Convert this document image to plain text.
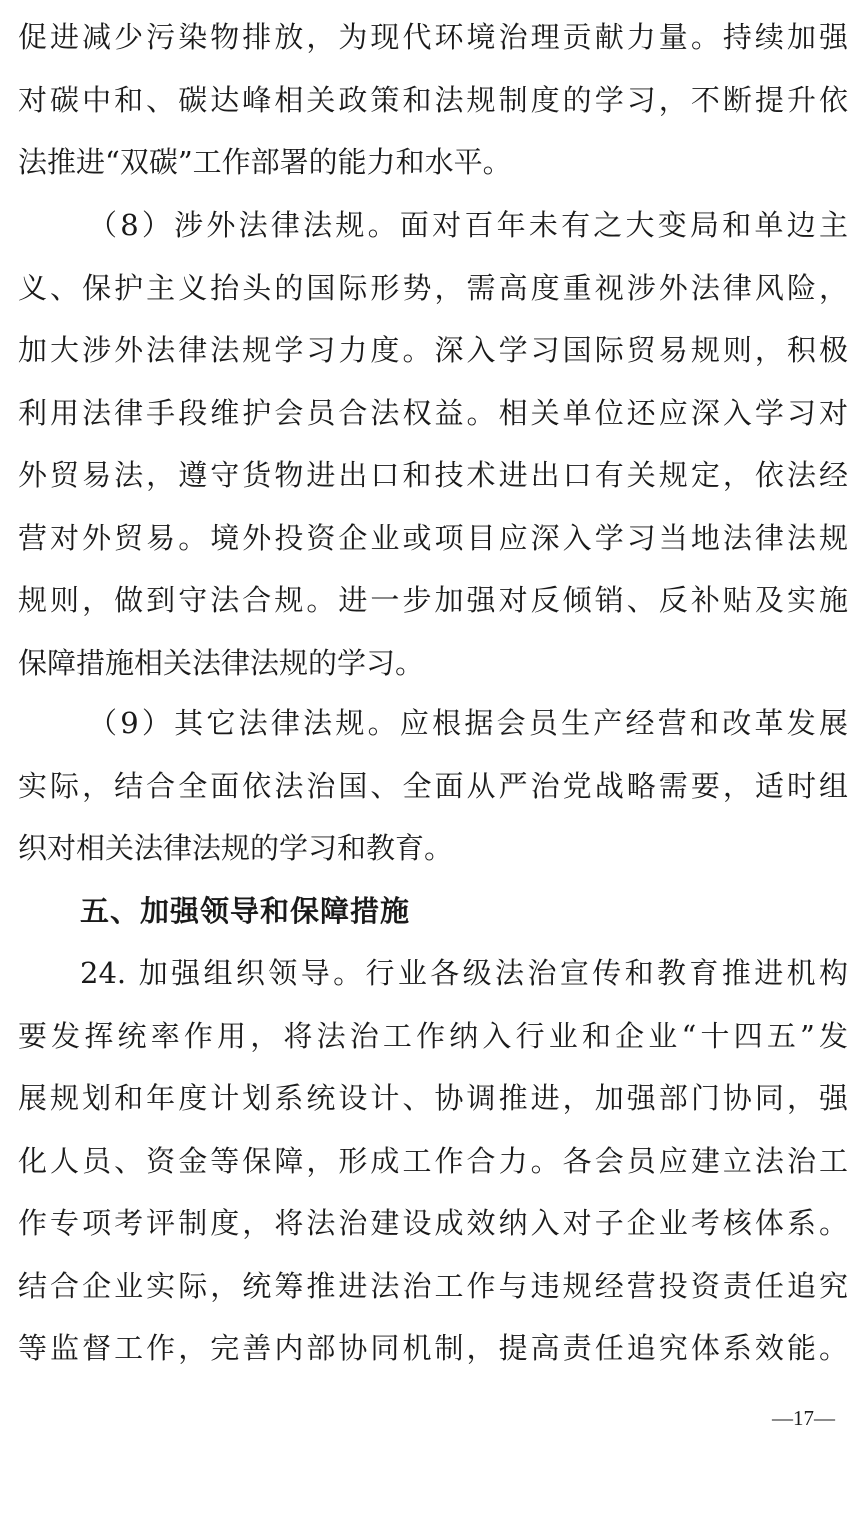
促进减少污染物排放，为现代环境治理贡献力量。持续加强
对碳中和、碳达峰相关政策和法规制度的学习，不断提升依
法推进“双碳”工作部署的能力和水平。
（8）涉外法律法规。面对百年未有之大变局和单边主
义、保护主义抬头的国际形势，需高度重视涉外法律风险，
加大涉外法律法规学习力度。深入学习国际贸易规则，积极
利用法律手段维护会员合法权益。相关单位还应深入学习对
外贸易法，遵守货物进出口和技术进出口有关规定，依法经
营对外贸易。境外投资企业或项目应深入学习当地法律法规
规则，做到守法合规。进一步加强对反倾销、反补贴及实施
保障措施相关法律法规的学习。
（9）其它法律法规。应根据会员生产经营和改革发展
实际，结合全面依法治国、全面从严治党战略需要，适时组
织对相关法律法规的学习和教育。
五、加强领导和保障措施
24. 加强组织领导。行业各级法治宣传和教育推进机构
要发挥统率作用，将法治工作纳入行业和企业“十四五”发
展规划和年度计划系统设计、协调推进，加强部门协同，强
化人员、资金等保障，形成工作合力。各会员应建立法治工
作专项考评制度，将法治建设成效纳入对子企业考核体系。
结合企业实际，统筹推进法治工作与违规经营投资责任追究
等监督工作，完善内部协同机制，提高责任追究体系效能。
—17—
